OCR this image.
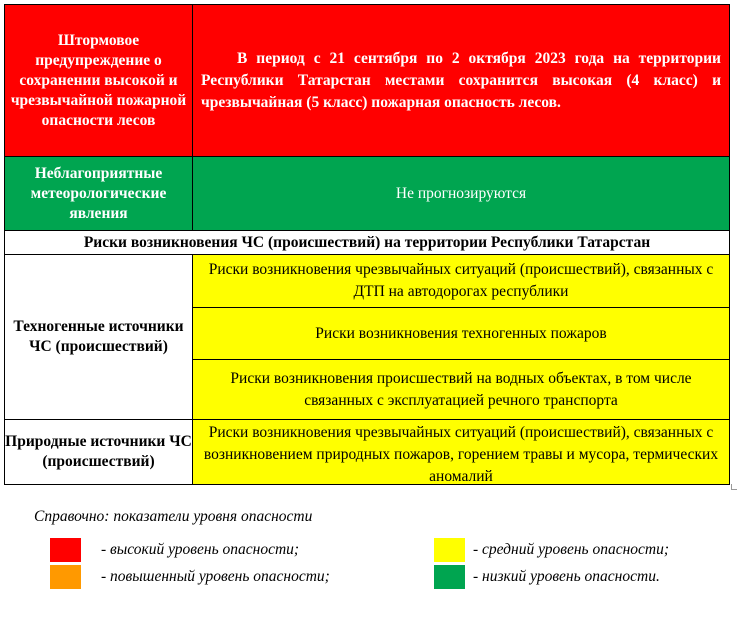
Штормовое предупреждение о сохранении высокой и чрезвычайной пожарной опасности лесов
В период с 21 сентября по 2 октября 2023 года на территории Республики Татарстан местами сохранится высокая (4 класс) и чрезвычайная (5 класс) пожарная опасность лесов.
Неблагоприятные метеорологические явления
Не прогнозируются
Риски возникновения ЧС (происшествий) на территории Республики Татарстан
Техногенные источники ЧС (происшествий)
Риски возникновения чрезвычайных ситуаций (происшествий), связанных с ДТП на автодорогах республики
Риски возникновения техногенных пожаров
Риски возникновения происшествий на водных объектах, в том числе связанных с эксплуатацией речного транспорта
Природные источники ЧС (происшествий)
Риски возникновения чрезвычайных ситуаций (происшествий), связанных с возникновением природных пожаров, горением травы и мусора, термических аномалий
Справочно: показатели уровня опасности
- высокий уровень опасности;
- повышенный уровень опасности;
- средний уровень опасности;
- низкий уровень опасности.
